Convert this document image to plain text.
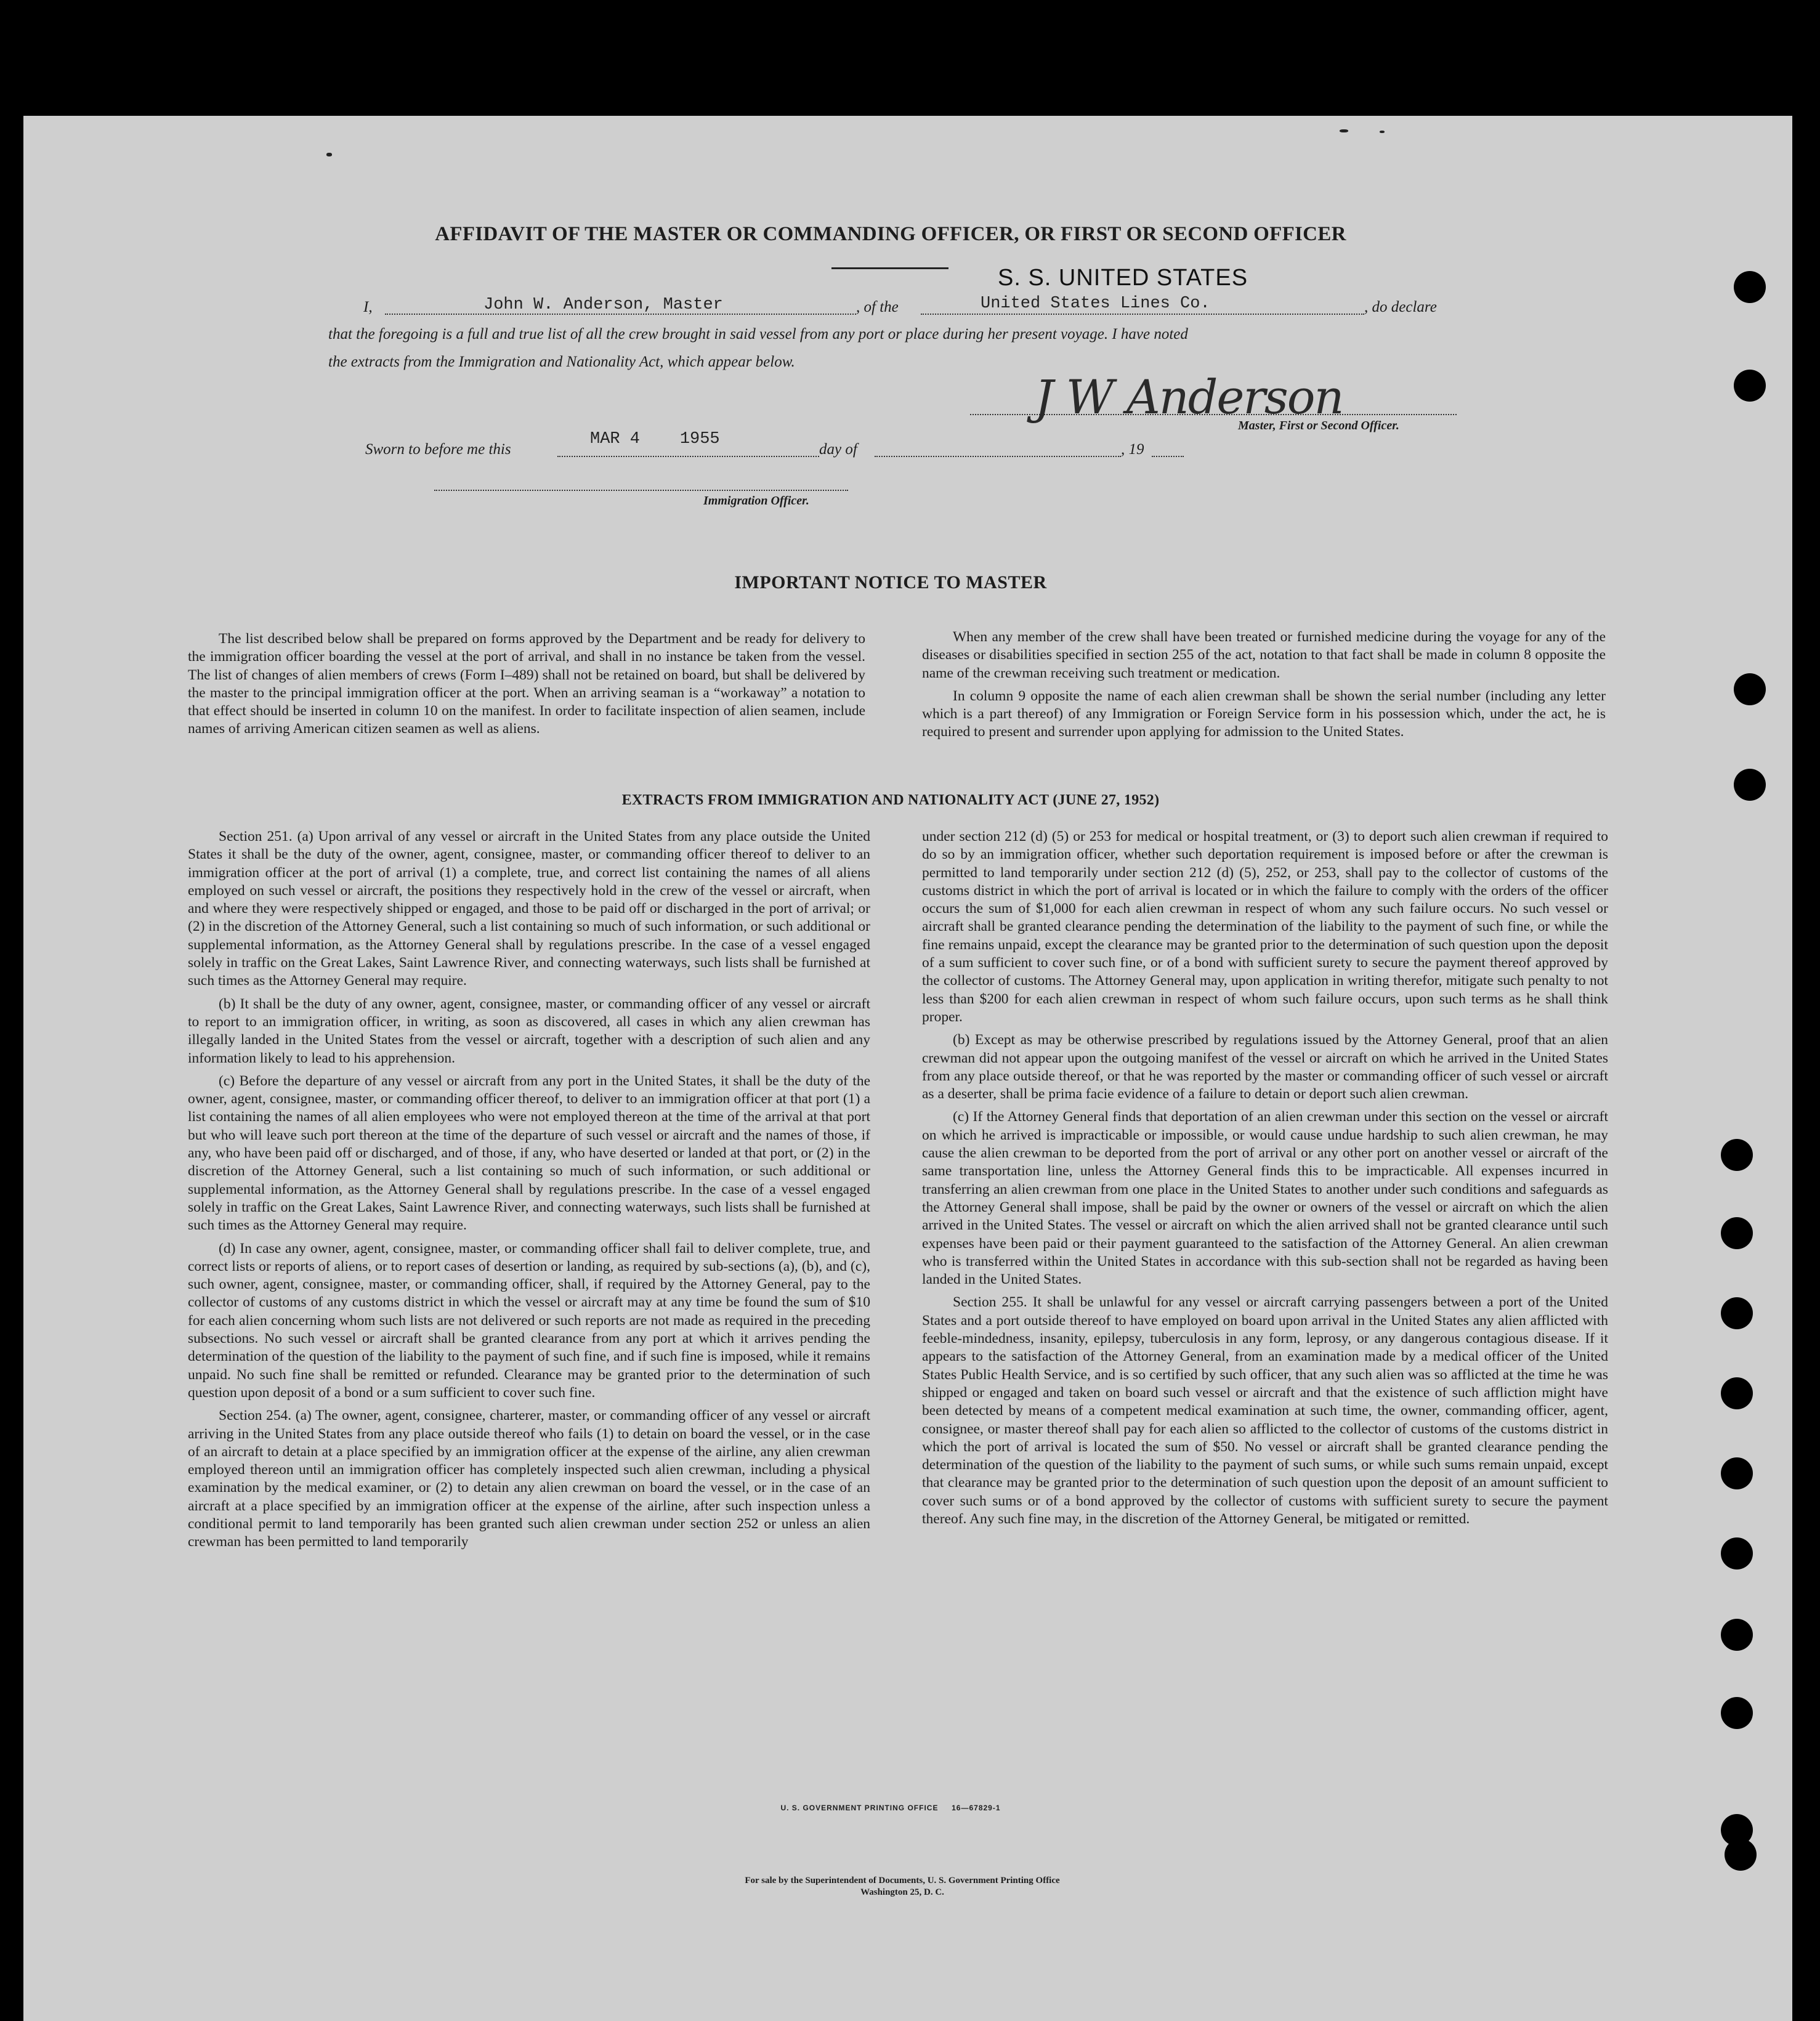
AFFIDAVIT OF THE MASTER OR COMMANDING OFFICER, OR FIRST OR SECOND OFFICER
S. S. UNITED STATES
I,	John W. Anderson, Master	, of the	United States Lines Co.	, do declare
that the foregoing is a full and true list of all the crew brought in said vessel from any port or place during her present voyage. I have noted
the extracts from the Immigration and Nationality Act, which appear below.
J W Anderson
Master, First or Second Officer.
Sworn to before me this
MAR 4    1955
day of	, 19
Immigration Officer.
IMPORTANT NOTICE TO MASTER

The list described below shall be prepared on forms approved by the Department and be ready for delivery to the immigration officer boarding the vessel at the port of arrival, and shall in no instance be taken from the vessel. The list of changes of alien members of crews (Form I–489) shall not be retained on board, but shall be delivered by the master to the principal immigration officer at the port. When an arriving seaman is a “workaway” a notation to that effect should be inserted in column 10 on the manifest. In order to facilitate inspection of alien seamen, include names of arriving American citizen seamen as well as aliens.

When any member of the crew shall have been treated or furnished medicine during the voyage for any of the diseases or disabilities specified in section 255 of the act, notation to that fact shall be made in column 8 opposite the name of the crewman receiving such treatment or medication.

In column 9 opposite the name of each alien crewman shall be shown the serial number (including any letter which is a part thereof) of any Immigration or Foreign Service form in his possession which, under the act, he is required to present and surrender upon applying for admission to the United States.

EXTRACTS FROM IMMIGRATION AND NATIONALITY ACT (JUNE 27, 1952)

Section 251. (a) Upon arrival of any vessel or aircraft in the United States from any place outside the United States it shall be the duty of the owner, agent, consignee, master, or commanding officer thereof to deliver to an immigration officer at the port of arrival (1) a complete, true, and correct list containing the names of all aliens employed on such vessel or aircraft, the positions they respectively hold in the crew of the vessel or aircraft, when and where they were respectively shipped or engaged, and those to be paid off or discharged in the port of arrival; or (2) in the discretion of the Attorney General, such a list containing so much of such information, or such additional or supplemental information, as the Attorney General shall by regulations prescribe. In the case of a vessel engaged solely in traffic on the Great Lakes, Saint Lawrence River, and connecting waterways, such lists shall be furnished at such times as the Attorney General may require.

(b) It shall be the duty of any owner, agent, consignee, master, or commanding officer of any vessel or aircraft to report to an immigration officer, in writing, as soon as discovered, all cases in which any alien crewman has illegally landed in the United States from the vessel or aircraft, together with a description of such alien and any information likely to lead to his apprehension.

(c) Before the departure of any vessel or aircraft from any port in the United States, it shall be the duty of the owner, agent, consignee, master, or commanding officer thereof, to deliver to an immigration officer at that port (1) a list containing the names of all alien employees who were not employed thereon at the time of the arrival at that port but who will leave such port thereon at the time of the departure of such vessel or aircraft and the names of those, if any, who have been paid off or discharged, and of those, if any, who have deserted or landed at that port, or (2) in the discretion of the Attorney General, such a list containing so much of such information, or such additional or supplemental information, as the Attorney General shall by regulations prescribe. In the case of a vessel engaged solely in traffic on the Great Lakes, Saint Lawrence River, and connecting waterways, such lists shall be furnished at such times as the Attorney General may require.

(d) In case any owner, agent, consignee, master, or commanding officer shall fail to deliver complete, true, and correct lists or reports of aliens, or to report cases of desertion or landing, as required by sub-sections (a), (b), and (c), such owner, agent, consignee, master, or commanding officer, shall, if required by the Attorney General, pay to the collector of customs of any customs district in which the vessel or aircraft may at any time be found the sum of $10 for each alien concerning whom such lists are not delivered or such reports are not made as required in the preceding subsections. No such vessel or aircraft shall be granted clearance from any port at which it arrives pending the determination of the question of the liability to the payment of such fine, and if such fine is imposed, while it remains unpaid. No such fine shall be remitted or refunded. Clearance may be granted prior to the determination of such question upon deposit of a bond or a sum sufficient to cover such fine.

Section 254. (a) The owner, agent, consignee, charterer, master, or commanding officer of any vessel or aircraft arriving in the United States from any place outside thereof who fails (1) to detain on board the vessel, or in the case of an aircraft to detain at a place specified by an immigration officer at the expense of the airline, any alien crewman employed thereon until an immigration officer has completely inspected such alien crewman, including a physical examination by the medical examiner, or (2) to detain any alien crewman on board the vessel, or in the case of an aircraft at a place specified by an immigration officer at the expense of the airline, after such inspection unless a conditional permit to land temporarily has been granted such alien crewman under section 252 or unless an alien crewman has been permitted to land temporarily

under section 212 (d) (5) or 253 for medical or hospital treatment, or (3) to deport such alien crewman if required to do so by an immigration officer, whether such deportation requirement is imposed before or after the crewman is permitted to land temporarily under section 212 (d) (5), 252, or 253, shall pay to the collector of customs of the customs district in which the port of arrival is located or in which the failure to comply with the orders of the officer occurs the sum of $1,000 for each alien crewman in respect of whom any such failure occurs. No such vessel or aircraft shall be granted clearance pending the determination of the liability to the payment of such fine, or while the fine remains unpaid, except the clearance may be granted prior to the determination of such question upon the deposit of a sum sufficient to cover such fine, or of a bond with sufficient surety to secure the payment thereof approved by the collector of customs. The Attorney General may, upon application in writing therefor, mitigate such penalty to not less than $200 for each alien crewman in respect of whom such failure occurs, upon such terms as he shall think proper.

(b) Except as may be otherwise prescribed by regulations issued by the Attorney General, proof that an alien crewman did not appear upon the outgoing manifest of the vessel or aircraft on which he arrived in the United States from any place outside thereof, or that he was reported by the master or commanding officer of such vessel or aircraft as a deserter, shall be prima facie evidence of a failure to detain or deport such alien crewman.

(c) If the Attorney General finds that deportation of an alien crewman under this section on the vessel or aircraft on which he arrived is impracticable or impossible, or would cause undue hardship to such alien crewman, he may cause the alien crewman to be deported from the port of arrival or any other port on another vessel or aircraft of the same transportation line, unless the Attorney General finds this to be impracticable. All expenses incurred in transferring an alien crewman from one place in the United States to another under such conditions and safeguards as the Attorney General shall impose, shall be paid by the owner or owners of the vessel or aircraft on which the alien arrived in the United States. The vessel or aircraft on which the alien arrived shall not be granted clearance until such expenses have been paid or their payment guaranteed to the satisfaction of the Attorney General. An alien crewman who is transferred within the United States in accordance with this sub-section shall not be regarded as having been landed in the United States.

Section 255. It shall be unlawful for any vessel or aircraft carrying passengers between a port of the United States and a port outside thereof to have employed on board upon arrival in the United States any alien afflicted with feeble-mindedness, insanity, epilepsy, tuberculosis in any form, leprosy, or any dangerous contagious disease. If it appears to the satisfaction of the Attorney General, from an examination made by a medical officer of the United States Public Health Service, and is so certified by such officer, that any such alien was so afflicted at the time he was shipped or engaged and taken on board such vessel or aircraft and that the existence of such affliction might have been detected by means of a competent medical examination at such time, the owner, commanding officer, agent, consignee, or master thereof shall pay for each alien so afflicted to the collector of customs of the customs district in which the port of arrival is located the sum of $50. No vessel or aircraft shall be granted clearance pending the determination of the question of the liability to the payment of such sums, or while such sums remain unpaid, except that clearance may be granted prior to the determination of such question upon the deposit of an amount sufficient to cover such sums or of a bond approved by the collector of customs with sufficient surety to secure the payment thereof. Any such fine may, in the discretion of the Attorney General, be mitigated or remitted.

U. S. GOVERNMENT PRINTING OFFICE     16—67829-1
For sale by the Superintendent of Documents, U. S. Government Printing Office
Washington 25, D. C.
